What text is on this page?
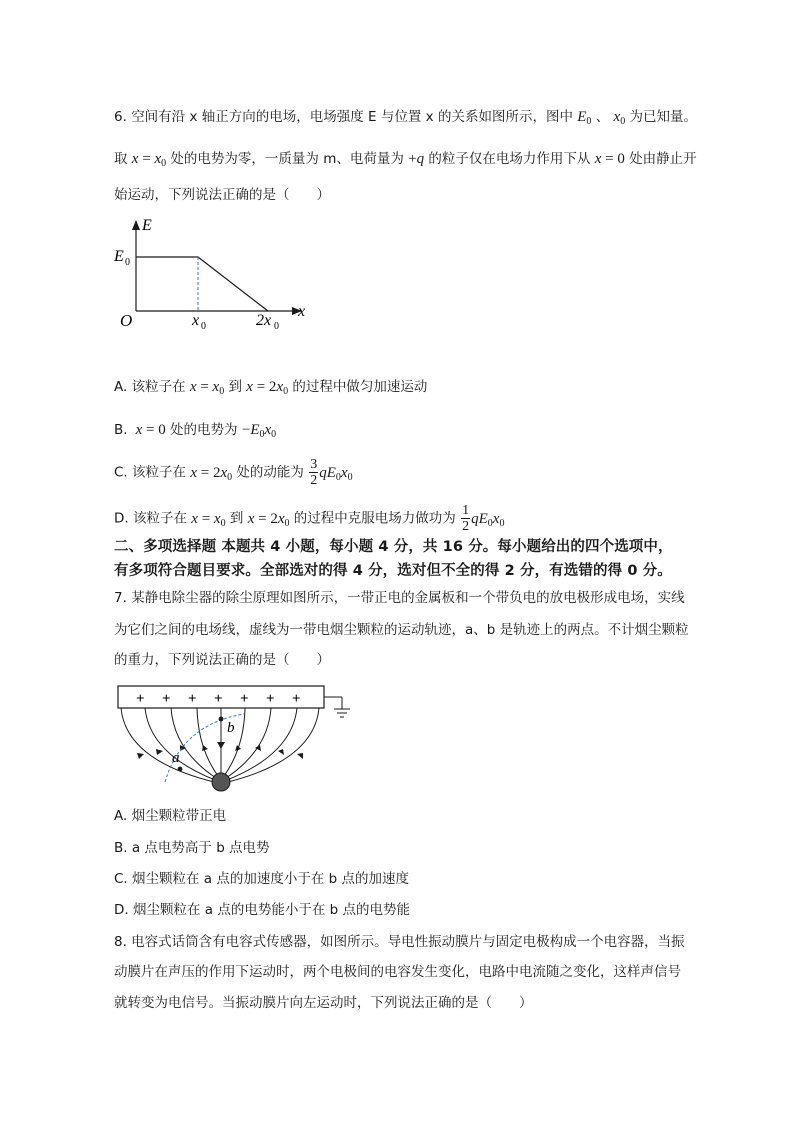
6. 空间有沿 x 轴正方向的电场，电场强度 E 与位置 x 的关系如图所示，图中 $E_0$ 、 $x_0$ 为已知量。
取 $x = x_0$ 处的电势为零，一质量为 m、电荷量为 +q 的粒子仅在电场力作用下从 x = 0 处由静止开
始运动，下列说法正确的是（　　）
E
x
O
E 0
x 0	2x 0
A. 该粒子在 $x = x_0$ 到 $x = 2x_0$ 的过程中做匀加速运动
B.  x = 0 处的电势为 $-E_0x_0$
C. 该粒子在 $x = 2x_0$ 处的动能为 $\frac{3}{2} qE_0x_0$
D. 该粒子在 $x = x_0$ 到 $x = 2x_0$ 的过程中克服电场力做功为 $\frac{1}{2} qE_0x_0$
二、多项选择题 本题共 4 小题，每小题 4 分，共 16 分。每小题给出的四个选项中，
有多项符合题目要求。全部选对的得 4 分，选对但不全的得 2 分，有选错的得 0 分。
7. 某静电除尘器的除尘原理如图所示，一带正电的金属板和一个带负电的放电极形成电场，实线
为它们之间的电场线，虚线为一带电烟尘颗粒的运动轨迹，a、b 是轨迹上的两点。不计烟尘颗粒
的重力，下列说法正确的是（　　）
+ + + + + + +
a
b
A. 烟尘颗粒带正电
B. a 点电势高于 b 点电势
C. 烟尘颗粒在 a 点的加速度小于在 b 点的加速度
D. 烟尘颗粒在 a 点的电势能小于在 b 点的电势能
8. 电容式话筒含有电容式传感器，如图所示。导电性振动膜片与固定电极构成一个电容器，当振
动膜片在声压的作用下运动时，两个电极间的电容发生变化，电路中电流随之变化，这样声信号
就转变为电信号。当振动膜片向左运动时，下列说法正确的是（　　）
